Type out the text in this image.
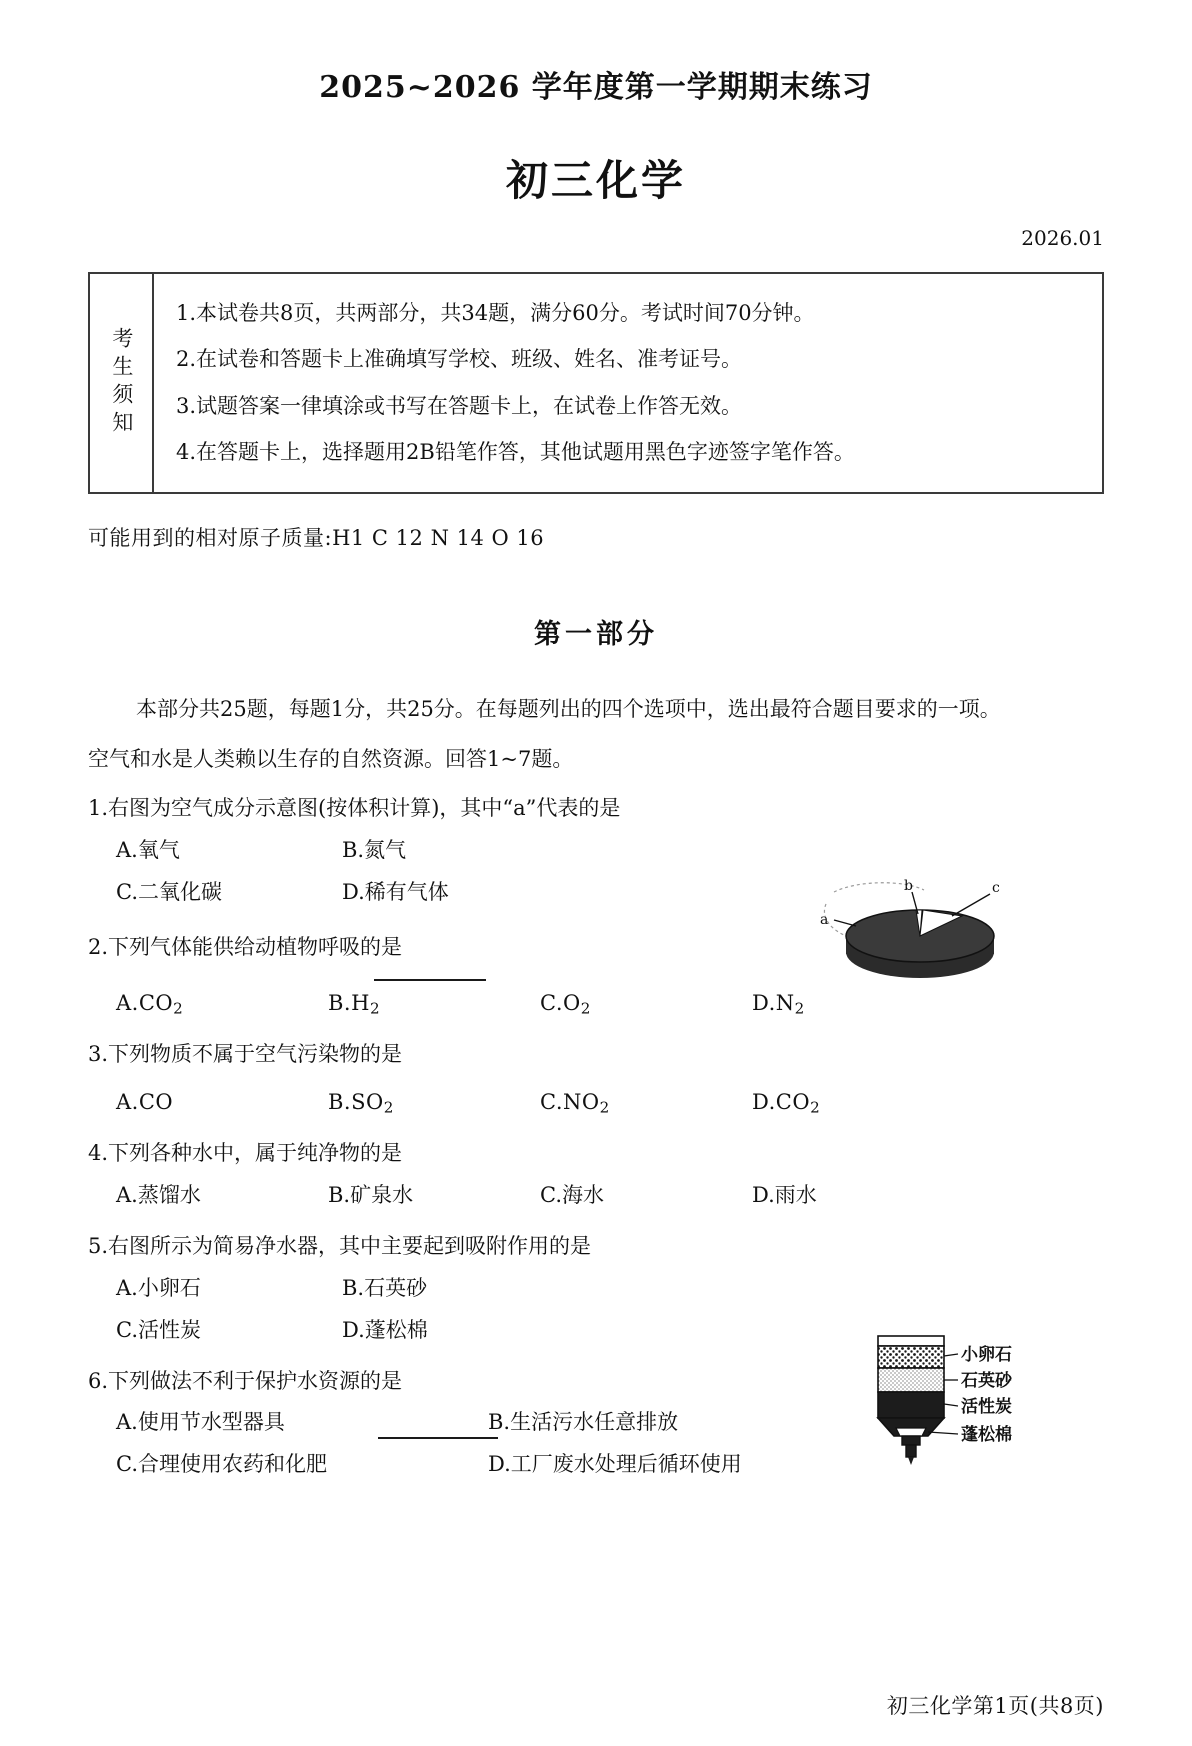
2025~2026 学年度第一学期期末练习
初三化学
2026.01
考生须知
1.本试卷共8页，共两部分，共34题，满分60分。考试时间70分钟。
2.在试卷和答题卡上准确填写学校、班级、姓名、准考证号。
3.试题答案一律填涂或书写在答题卡上，在试卷上作答无效。
4.在答题卡上，选择题用2B铅笔作答，其他试题用黑色字迹签字笔作答。
可能用到的相对原子质量:H1 C 12 N 14 O 16
第一部分
本部分共25题，每题1分，共25分。在每题列出的四个选项中，选出最符合题目要求的一项。
空气和水是人类赖以生存的自然资源。回答1~7题。
1.右图为空气成分示意图(按体积计算)，其中“a”代表的是
A.氧气	B.氮气
C.二氧化碳	D.稀有气体
2.下列气体能供给动植物呼吸的是
$A.CO_2$	$B.H_2$	$C.O_2$	$D.N_2$
3.下列物质不属于空气污染物的是
A.CO	$B.SO_2$	$C.NO_2$	$D.CO_2$
4.下列各种水中，属于纯净物的是
A.蒸馏水	B.矿泉水	C.海水	D.雨水
5.右图所示为简易净水器，其中主要起到吸附作用的是
A.小卵石	B.石英砂
C.活性炭	D.蓬松棉
6.下列做法不利于保护水资源的是
A.使用节水型器具	B.生活污水任意排放
C.合理使用农药和化肥	D.工厂废水处理后循环使用
a
b	c
小卵石
石英砂
活性炭
蓬松棉
初三化学第1页(共8页)
